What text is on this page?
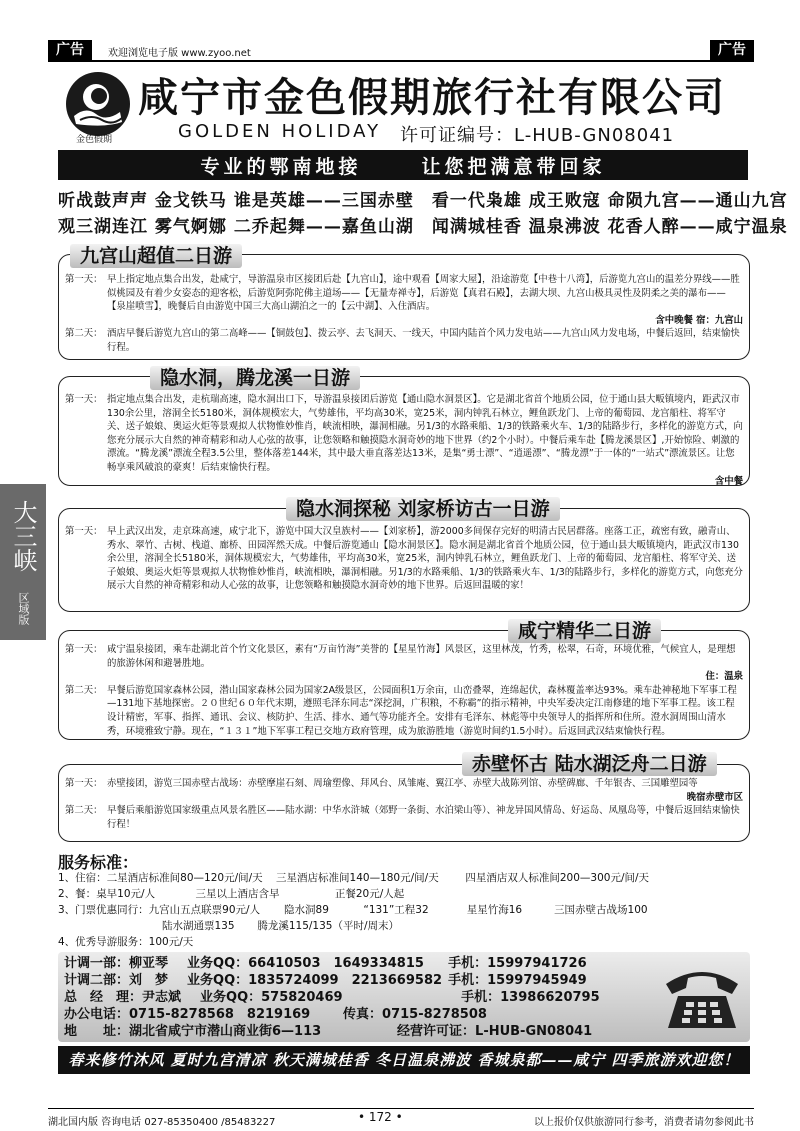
广告	欢迎浏览电子版 www.zyoo.net	广告
金色假期
咸宁市金色假期旅行社有限公司
GOLDEN HOLIDAY 许可证编号：L-HUB-GN08041
专业的鄂南地接	让您把满意带回家
听战鼓声声 金戈铁马 谁是英雄——三国赤壁　看一代枭雄 成王败寇 命陨九宫——通山九宫
观三湖连江 雾气婀娜 二乔起舞——嘉鱼山湖　闻满城桂香 温泉沸波 花香人醉——咸宁温泉
第一天： 早上指定地点集合出发，赴咸宁，导游温泉市区接团后赴【九宫山】，途中观看【周家大屋】，沿途游览【中巷十八湾】，后游览九宫山的温差分界线——胜似桃园及有着少女姿态的迎客松，后游览阿弥陀佛主道场——【无量寿禅寺】，后游览【真君石殿】，去湖大坝、九宫山极具灵性及阴柔之美的瀑布——【泉崖喷雪】，晚餐后自由游览中国三大高山湖泊之一的【云中湖】、入住酒店。
含中晚餐 宿：九宫山
第二天： 酒店早餐后游览九宫山的第二高峰——【铜鼓包】、拨云亭、去飞洞天、一线天，中国内陆首个风力发电站——九宫山风力发电场，中餐后返回，结束愉快行程。
九宫山超值二日游
第一天： 指定地点集合出发，走杭瑞高速，隐水洞出口下，导游温泉接团后游览【通山隐水洞景区】。它是湖北省首个地质公园，位于通山县大畈镇境内，距武汉市130余公里，溶洞全长5180米，洞体规模宏大，气势雄伟，平均高30米，宽25米，洞内钟乳石林立，鲤鱼跃龙门、上帝的葡萄园、龙宫船柱、将军守关、送子娘娘、奥运火炬等景观拟人状物惟妙惟肖，峡流相映，瀑洞相融。另1/3的水路乘船、1/3的铁路乘火车、1/3的陆路步行，多样化的游览方式，向您充分展示大自然的神奇精彩和动人心弦的故事，让您领略和触摸隐水洞奇妙的地下世界（约2个小时）。中餐后乘车赴【腾龙溪景区】,开始惊险、刺激的漂流。“腾龙溪”漂流全程3.5公里，整体落差144米，其中最大垂直落差达13米，是集“勇士漂”、“逍遥漂”、“腾龙漂”于一体的“一站式”漂流景区。让您畅享乘风破浪的豪爽！后结束愉快行程。
含中餐
隐水洞，腾龙溪一日游
大三峡
区域版
第一天： 早上武汉出发，走京珠高速，咸宁北下，游览中国大汉皇族村——【刘家桥】，游2000多间保存完好的明清古民居群落。座落工正，疏密有致，融青山、秀水、翠竹、古树、栈道、廊桥、田园浑然天成。中餐后游览通山【隐水洞景区】。隐水洞是湖北省首个地质公园，位于通山县大畈镇境内，距武汉市130余公里，溶洞全长5180米，洞体规模宏大，气势雄伟，平均高30米，宽25米，洞内钟乳石林立，鲤鱼跃龙门、上帝的葡萄园、龙宫船柱、将军守关、送子娘娘、奥运火炬等景观拟人状物惟妙惟肖，峡流相映，瀑洞相融。另1/3的水路乘船、1/3的铁路乘火车、1/3的陆路步行，多样化的游览方式，向您充分展示大自然的神奇精彩和动人心弦的故事，让您领略和触摸隐水洞奇妙的地下世界。后返回温暖的家！
隐水洞探秘 刘家桥访古一日游
第一天： 咸宁温泉接团，乘车赴湖北首个竹文化景区，素有“万亩竹海”美誉的【星星竹海】风景区，这里林茂，竹秀，松翠，石奇，环境优雅，气候宜人，是理想的旅游休闲和避暑胜地。
住：温泉
第二天： 早餐后游览国家森林公园，潜山国家森林公园为国家2A级景区，公园面积1万余亩，山峦叠翠，连绵起伏，森林覆盖率达93%。乘车赴神秘地下军事工程—131地下基地探密。２０世纪６０年代末期，遵照毛泽东同志“深挖洞，广积粮，不称霸”的指示精神，中央军委决定江南修建的地下军事工程。该工程设计精密，军事、指挥、通讯、会议、核防护、生活、排水、通气等功能齐全。安排有毛泽东、林彪等中央领导人的指挥所和住所。澄水洞周围山清水秀，环境雅致宁静。现在，“１３１”地下军事工程已交地方政府管理，成为旅游胜地（游览时间约1.5小时）。后返回武汉结束愉快行程。
咸宁精华二日游
第一天： 赤壁接团，游览三国赤壁古战场：赤壁摩崖石刻、周瑜塑像、拜风台、凤雏庵、翼江亭、赤壁大战陈列馆、赤壁碑廊、千年银杏、三国雕塑园等
晚宿赤壁市区
第二天： 早餐后乘船游览国家级重点风景名胜区——陆水湖：中华水浒城（郊野一条街、水泊梁山等）、神龙异国风情岛、好运岛、凤凰岛等，中餐后返回结束愉快行程！
赤壁怀古 陆水湖泛舟二日游
服务标准：
1、住宿：二星酒店标准间80—120元/间/天 三星酒店标准间140—180元/间/天	四星酒店双人标准间200—300元/间/天
2、餐：桌早10元/人	三星以上酒店含早	正餐20元/人起
3、门票优惠同行：九宫山五点联票90元/人 隐水洞89	“131”工程32	星星竹海16	三国赤壁古战场100
陆水湖通票135 腾龙溪115/135（平时/周末）
4、优秀导游服务：100元/天
计调一部：柳亚琴 业务QQ：66410503　1649334815 手机：15997941726
计调二部：刘　梦 业务QQ：1835724099　2213669582 手机：15997945949
总　经　理：尹志斌 业务QQ：575820469	手机：13986620795
办公电话：0715-8278568　8219169	传真：0715-8278508
地　　址：湖北省咸宁市潜山商业街6—113	经营许可证：L-HUB-GN08041
春来修竹沐风 夏时九宫清凉 秋天满城桂香 冬日温泉沸波 香城泉都——咸宁 四季旅游欢迎您！
湖北国内版 咨询电话 027-85350400 /85483227	• 172 •	以上报价仅供旅游同行参考，消费者请勿参阅此书
